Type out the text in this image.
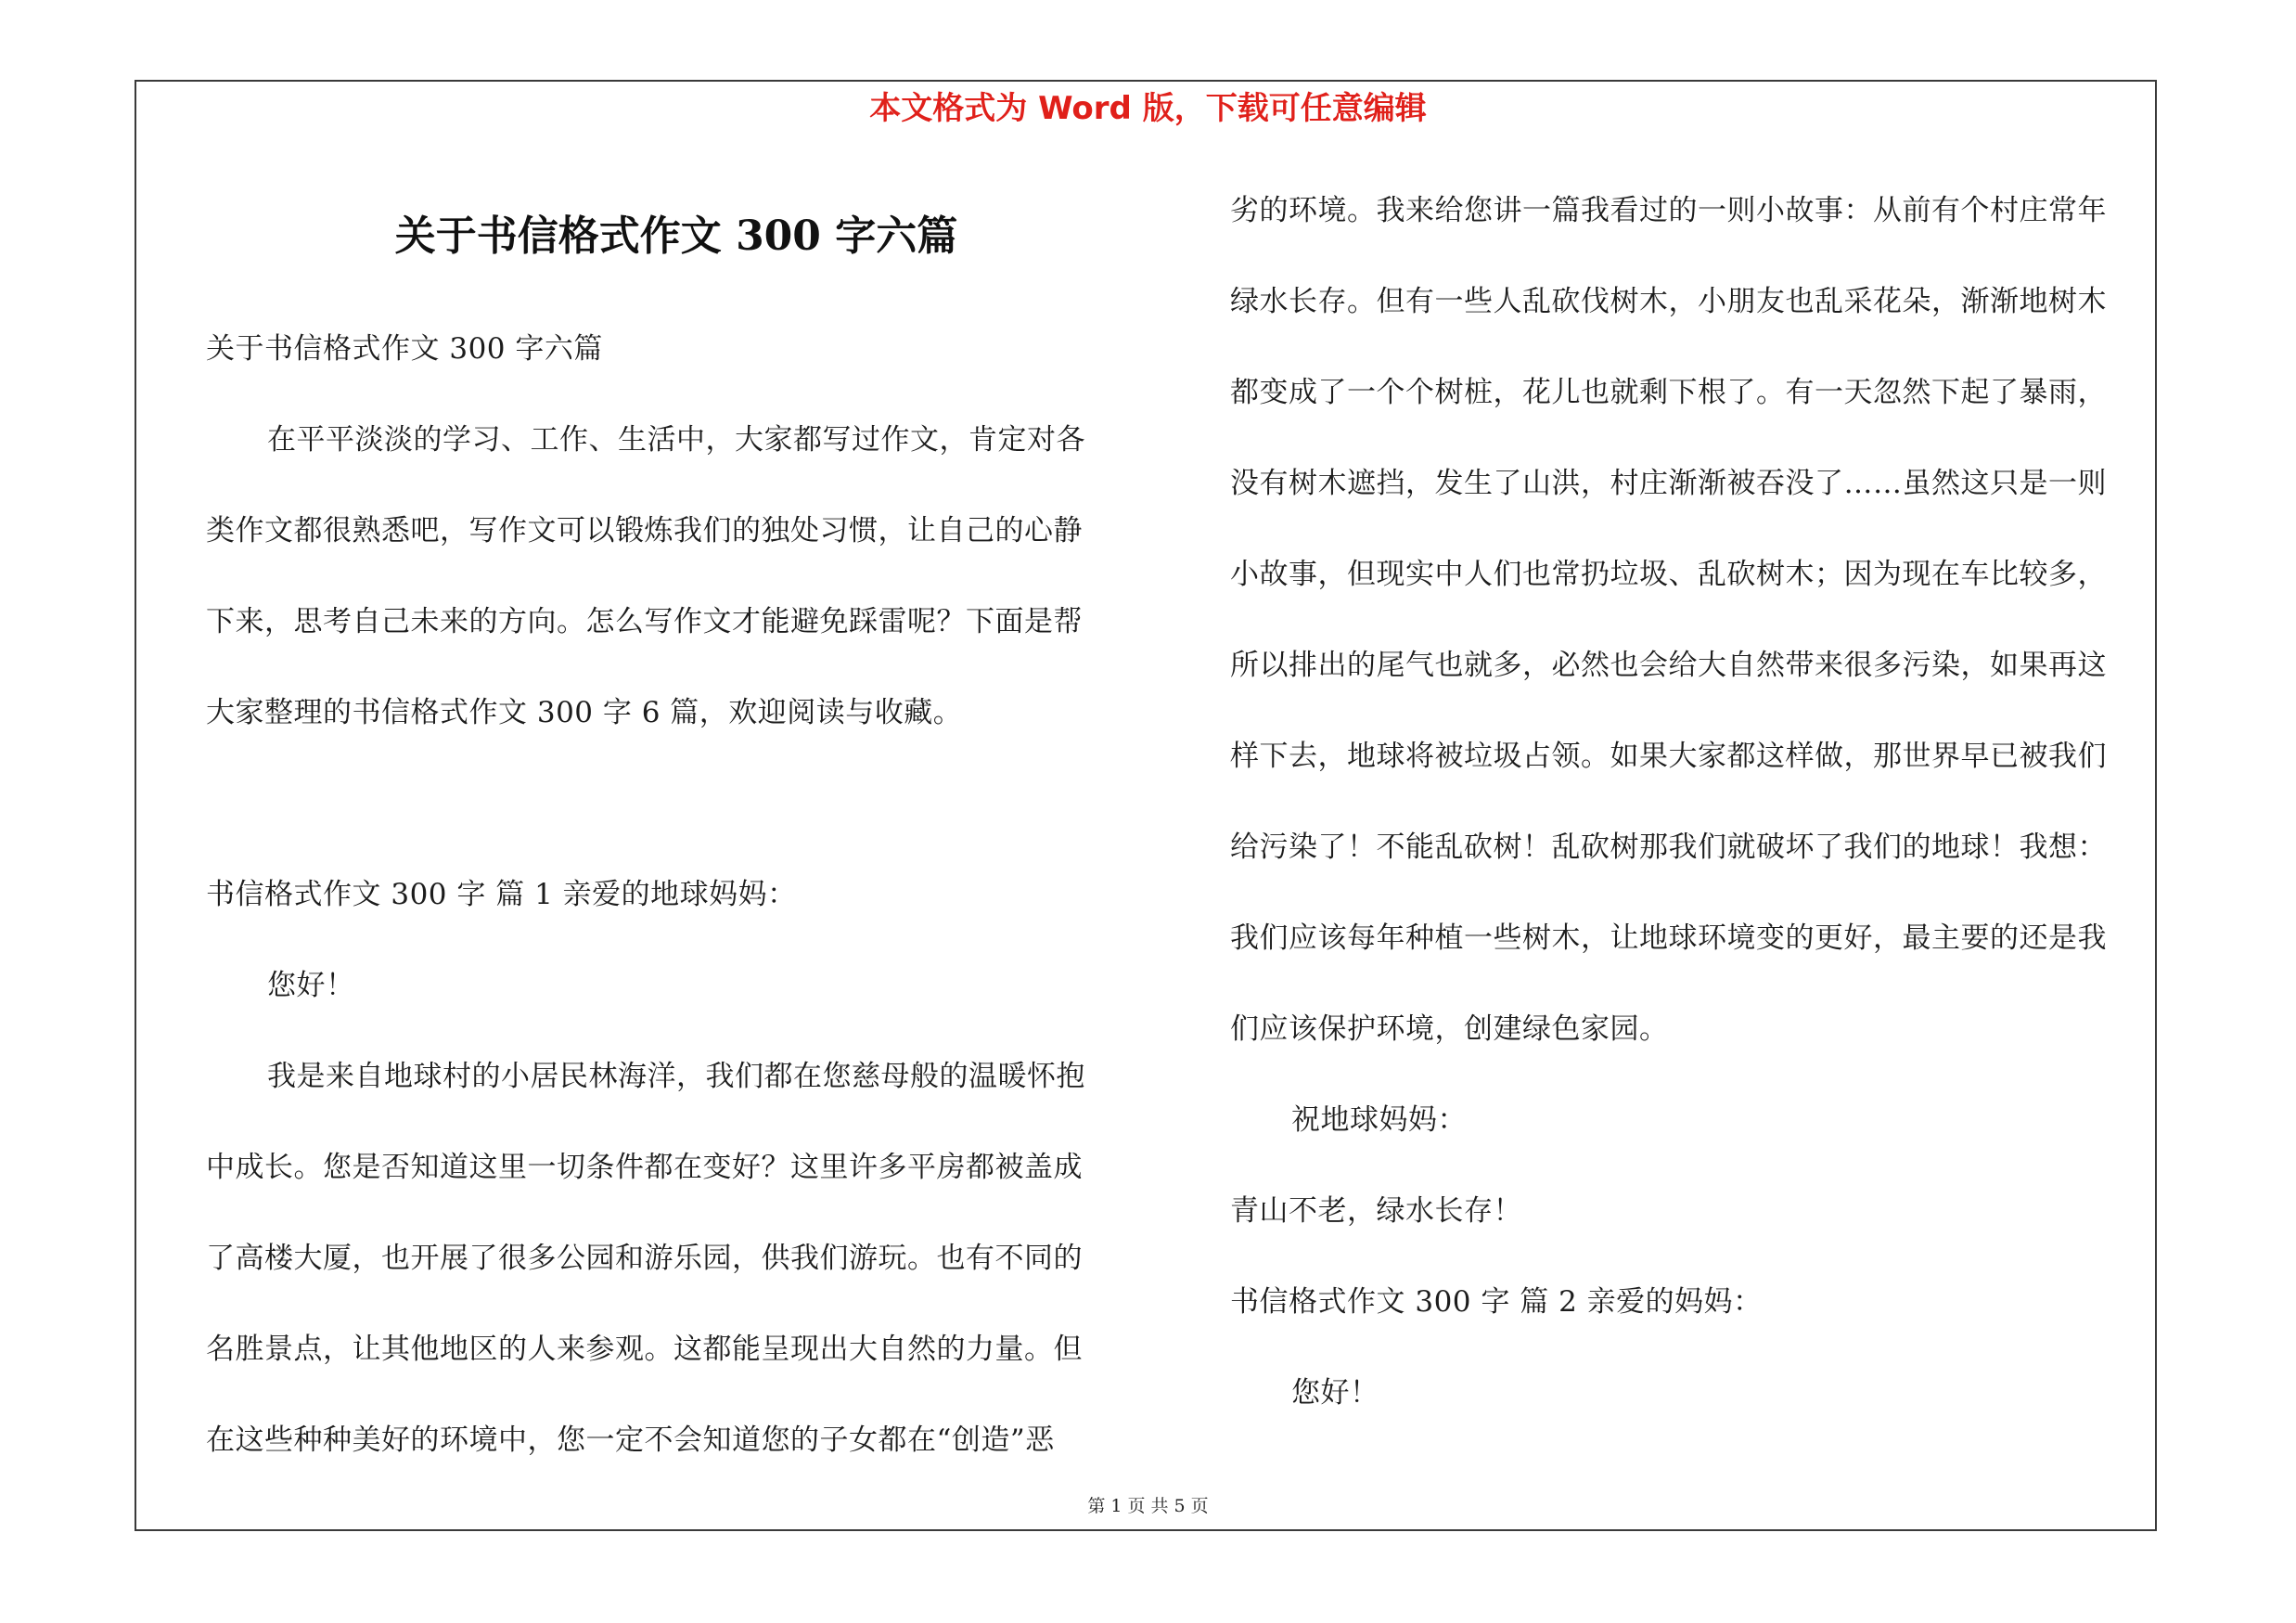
本文格式为 Word 版，下载可任意编辑
关于书信格式作文 300 字六篇
关于书信格式作文 300 字六篇
在平平淡淡的学习、工作、生活中，大家都写过作文，肯定对各
类作文都很熟悉吧，写作文可以锻炼我们的独处习惯，让自己的心静
下来，思考自己未来的方向。怎么写作文才能避免踩雷呢？下面是帮
大家整理的书信格式作文 300 字 6 篇，欢迎阅读与收藏。
书信格式作文 300 字 篇 1 亲爱的地球妈妈：
您好！
我是来自地球村的小居民林海洋，我们都在您慈母般的温暖怀抱
中成长。您是否知道这里一切条件都在变好？这里许多平房都被盖成
了高楼大厦，也开展了很多公园和游乐园，供我们游玩。也有不同的
名胜景点，让其他地区的人来参观。这都能呈现出大自然的力量。但
在这些种种美好的环境中，您一定不会知道您的子女都在“创造”恶
劣的环境。我来给您讲一篇我看过的一则小故事：从前有个村庄常年
绿水长存。但有一些人乱砍伐树木，小朋友也乱采花朵，渐渐地树木
都变成了一个个树桩，花儿也就剩下根了。有一天忽然下起了暴雨，
没有树木遮挡，发生了山洪，村庄渐渐被吞没了……虽然这只是一则
小故事，但现实中人们也常扔垃圾、乱砍树木；因为现在车比较多，
所以排出的尾气也就多，必然也会给大自然带来很多污染，如果再这
样下去，地球将被垃圾占领。如果大家都这样做，那世界早已被我们
给污染了！不能乱砍树！乱砍树那我们就破坏了我们的地球！我想：
我们应该每年种植一些树木，让地球环境变的更好，最主要的还是我
们应该保护环境，创建绿色家园。
祝地球妈妈：
青山不老，绿水长存！
书信格式作文 300 字 篇 2 亲爱的妈妈：
您好！
第 1 页 共 5 页
